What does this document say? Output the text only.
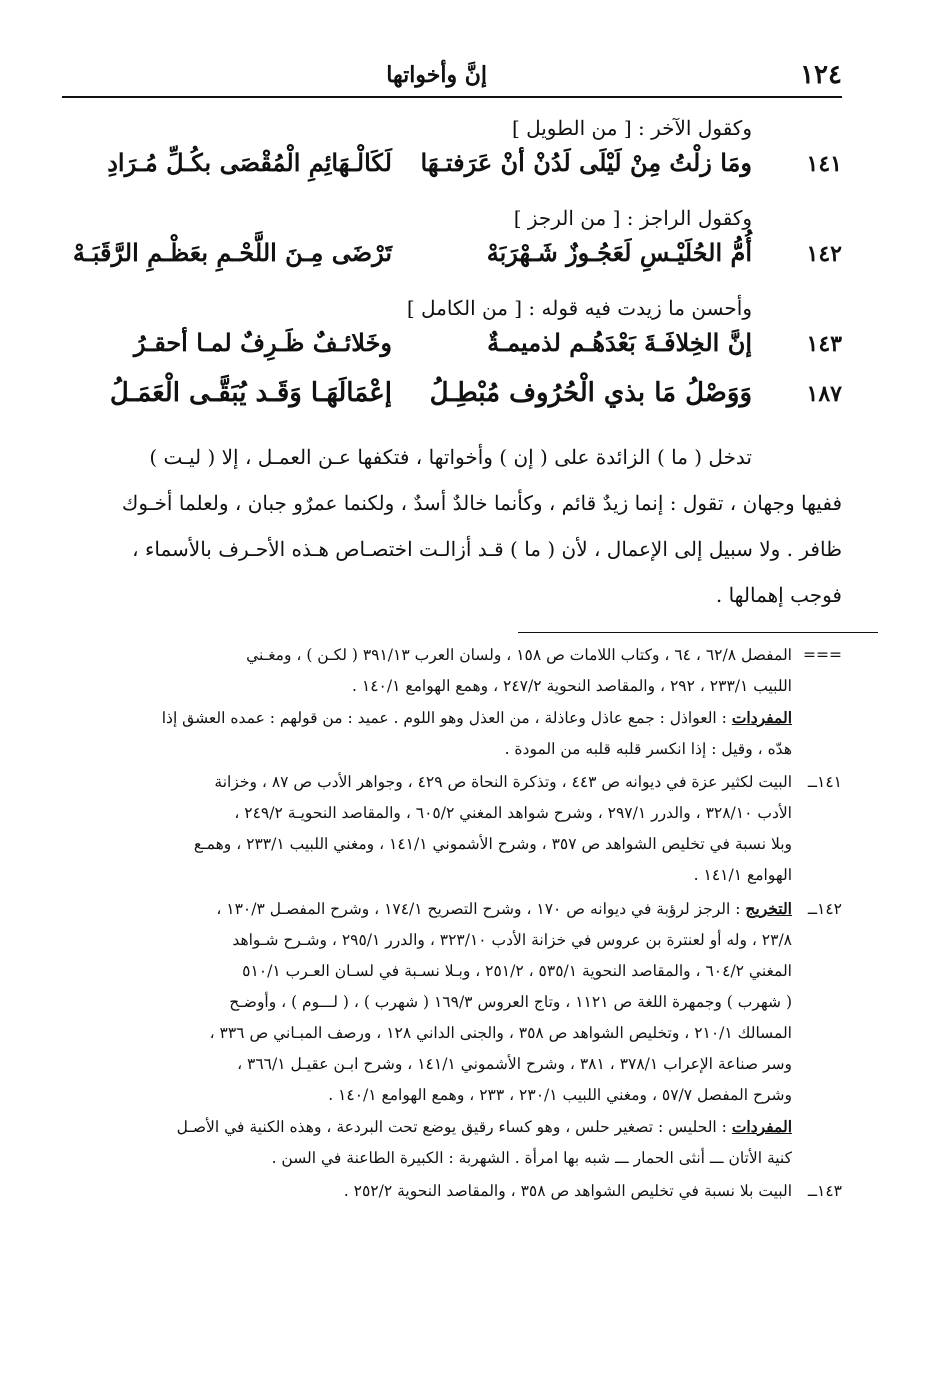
١٢٤
إنَّ وأخواتها
وكقول الآخر : [ من الطويل ]
١٤١
ومَا زلْتُ مِنْ لَيْلَى لَدُنْ أنْ عَرَفتـهَا
لَكَالْـهَائِمِ الْمُقْصَى بكُـلِّ مُـرَادِ
وكقول الراجز : [ من الرجز ]
١٤٢
أُمُّ الحُلَيْـسِ لَعَجُـوزٌ شَـهْرَبَهْ
تَرْضَى مِـنَ اللَّحْـمِ بعَظْـمِ الرَّقَبَـهْ
وأحسن ما زيدت فيه قوله : [ من الكامل ]
١٤٣
إنَّ الخِلافَـةَ بَعْدَهُـم لذميمـةٌ
وخَلائـفٌ ظَـرِفٌ لمـا أحقـرُ
١٨٧
وَوَصْلُ مَا بذي الْحُرُوف مُبْطِـلُ
إعْمَالَهَـا وَقَـد يُبَقَّـى الْعَمَـلُ

تدخل ( ما ) الزائدة على ( إن ) وأخواتها ، فتكفها عـن العمـل ، إلا ( ليـت )

ففيها وجهان ، تقول : إنما زيدٌ قائم ، وكأنما خالدٌ أسدٌ ، ولكنما عمرٌو جبان ، ولعلما أخـوك

ظافر . ولا سبيل إلى الإعمال ، لأن ( ما ) قـد أزالـت اختصـاص هـذه الأحـرف بالأسماء ،

فوجب إهمالها .

===المفصل ٦٢/٨ ، ٦٤ ، وكتاب اللامات ص ١٥٨ ، ولسان العرب ٣٩١/١٣ ( لكـن ) ، ومغـني
اللبيب ٢٣٣/١ ، ٢٩٢ ، والمقاصد النحوية ٢٤٧/٢ ، وهمع الهوامع ١٤٠/١ .
المفردات : العواذل : جمع عاذل وعاذلة ، من العذل وهو اللوم . عميد : من قولهم : عمده العشق إذا
هدّه ، وقيل : إذا انكسر قلبه قلبه من المودة .
١٤١ــالبيت لكثير عزة في ديوانه ص ٤٤٣ ، وتذكرة النحاة ص ٤٢٩ ، وجواهر الأدب ص ٨٧ ، وخزانة
الأدب ٣٢٨/١٠ ، والدرر ٢٩٧/١ ، وشرح شواهد المغني ٦٠٥/٢ ، والمقاصد النحويـة ٢٤٩/٢ ،
وبلا نسبة في تخليص الشواهد ص ٣٥٧ ، وشرح الأشموني ١٤١/١ ، ومغني اللبيب ٢٣٣/١ ، وهمـع
الهوامع ١٤١/١ .
١٤٢ــالتخريج : الرجز لرؤبة في ديوانه ص ١٧٠ ، وشرح التصريح ١٧٤/١ ، وشرح المفصـل ١٣٠/٣ ،
٢٣/٨ ، وله أو لعنترة بن عروس في خزانة الأدب ٣٢٣/١٠ ، والدرر ٢٩٥/١ ، وشـرح شـواهد
المغني ٦٠٤/٢ ، والمقاصد النحوية ٥٣٥/١ ، ٢٥١/٢ ، وبـلا نسـبة في لسـان العـرب ٥١٠/١
( شهرب ) وجمهرة اللغة ص ١١٢١ ، وتاج العروس ١٦٩/٣ ( شهرب ) ، ( لـــوم ) ، وأوضـح
المسالك ٢١٠/١ ، وتخليص الشواهد ص ٣٥٨ ، والجنى الداني ١٢٨ ، ورصف المبـاني ص ٣٣٦ ،
وسر صناعة الإعراب ٣٧٨/١ ، ٣٨١ ، وشرح الأشموني ١٤١/١ ، وشرح ابـن عقيـل ٣٦٦/١ ،
وشرح المفصل ٥٧/٧ ، ومغني اللبيب ٢٣٠/١ ، ٢٣٣ ، وهمع الهوامع ١٤٠/١ .
المفردات : الحليس : تصغير حلس ، وهو كساء رقيق يوضع تحت البردعة ، وهذه الكنية في الأصـل
كنية الأتان ـــ أنثى الحمار ـــ شبه بها امرأة . الشهربة : الكبيرة الطاعنة في السن .
١٤٣ــالبيت بلا نسبة في تخليص الشواهد ص ٣٥٨ ، والمقاصد النحوية ٢٥٢/٢ .
